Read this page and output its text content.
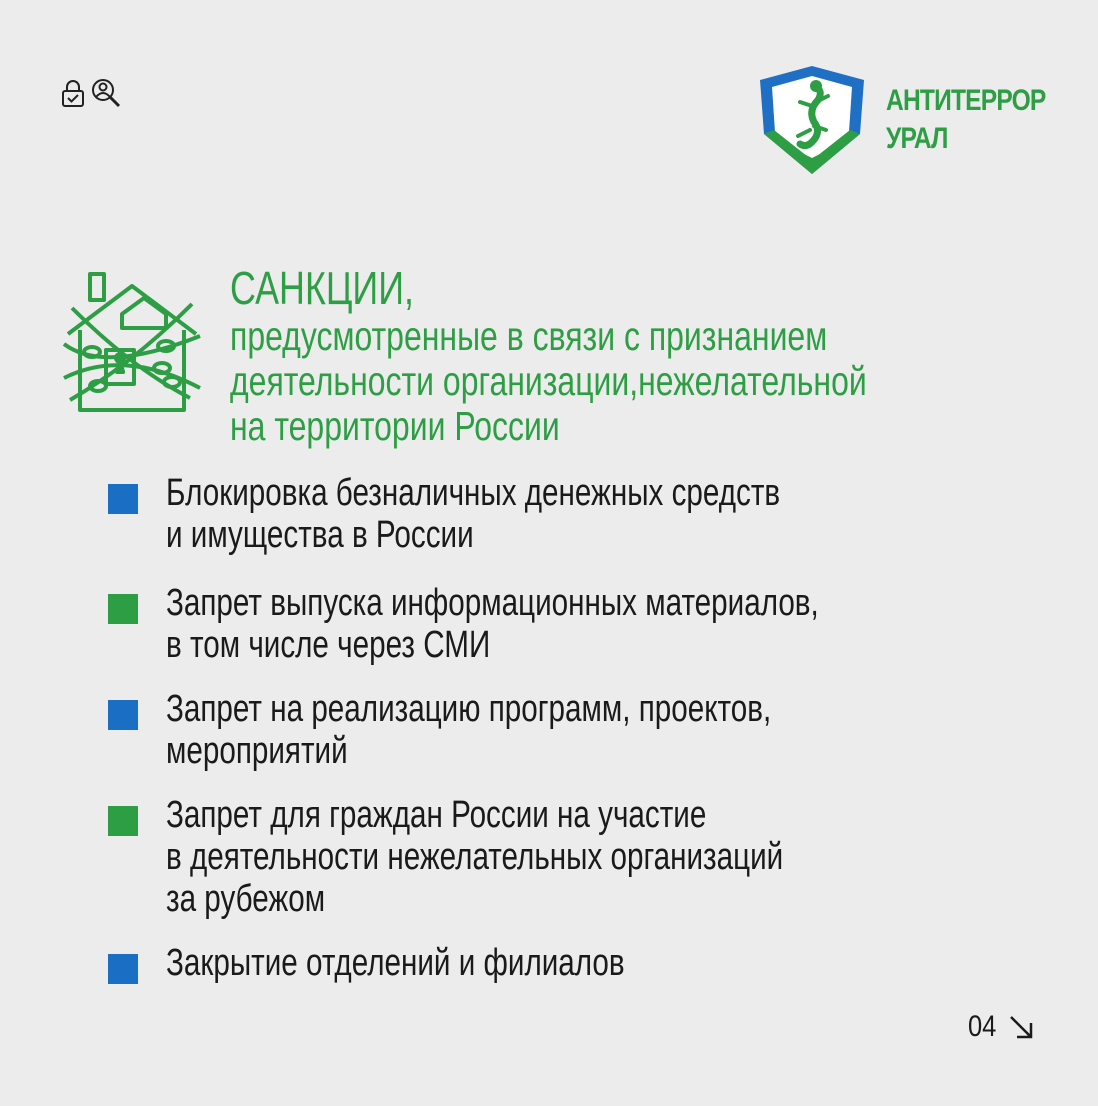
АНТИТЕРРОР
УРАЛ
САНКЦИИ,
предусмотренные в связи с признанием
деятельности организации,нежелательной
на территории России
Блокировка безналичных денежных средств
и имущества в России
Запрет выпуска информационных материалов,
в том числе через СМИ
Запрет на реализацию программ, проектов,
мероприятий
Запрет для граждан России на участие
в деятельности нежелательных организаций
за рубежом
Закрытие отделений и филиалов
04
